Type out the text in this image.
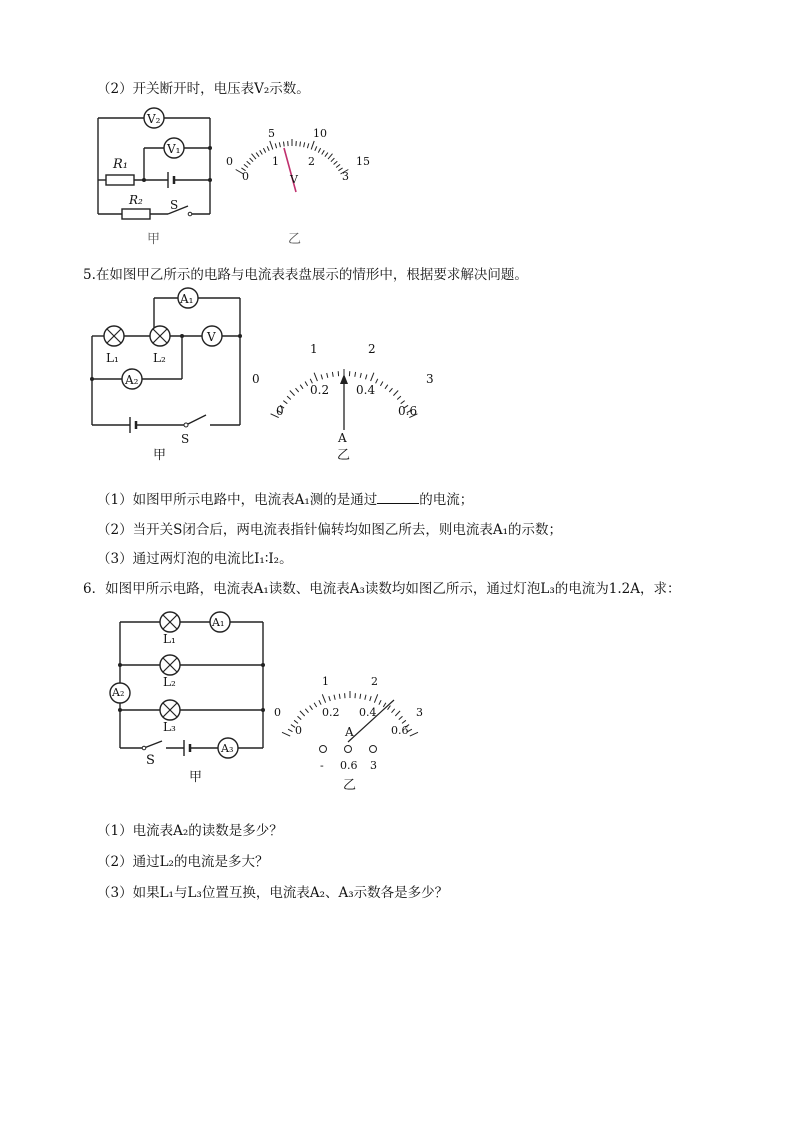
（2）开关断开时，电压表V₂示数。
V₂
V₁
R₁
R₂ S
甲
0
5	10
15
0
1	2
3
V
乙
5.在如图甲乙所示的电路与电流表表盘展示的情形中，根据要求解决问题。
A₁
V
L₁	L₂
A₂
S
甲
0
1	2
3
0
0.2 0.4
0.6
A
乙
（1）如图甲所示电路中，电流表A₁测的是通过	的电流；
（2）当开关S闭合后，两电流表指针偏转均如图乙所去，则电流表A₁的示数；
（3）通过两灯泡的电流比I₁∶I₂。
6．如图甲所示电路，电流表A₁读数、电流表A₃读数均如图乙所示，通过灯泡L₃的电流为1.2A，求：
A₁
L₁
L₂
A₂
L₃
A₃
S
甲
0
1	2
3
0
0.2 0.4
0.6
A
- 0.6 3
乙
（1）电流表A₂的读数是多少？
（2）通过L₂的电流是多大？
（3）如果L₁与L₃位置互换，电流表A₂、A₃示数各是多少？
